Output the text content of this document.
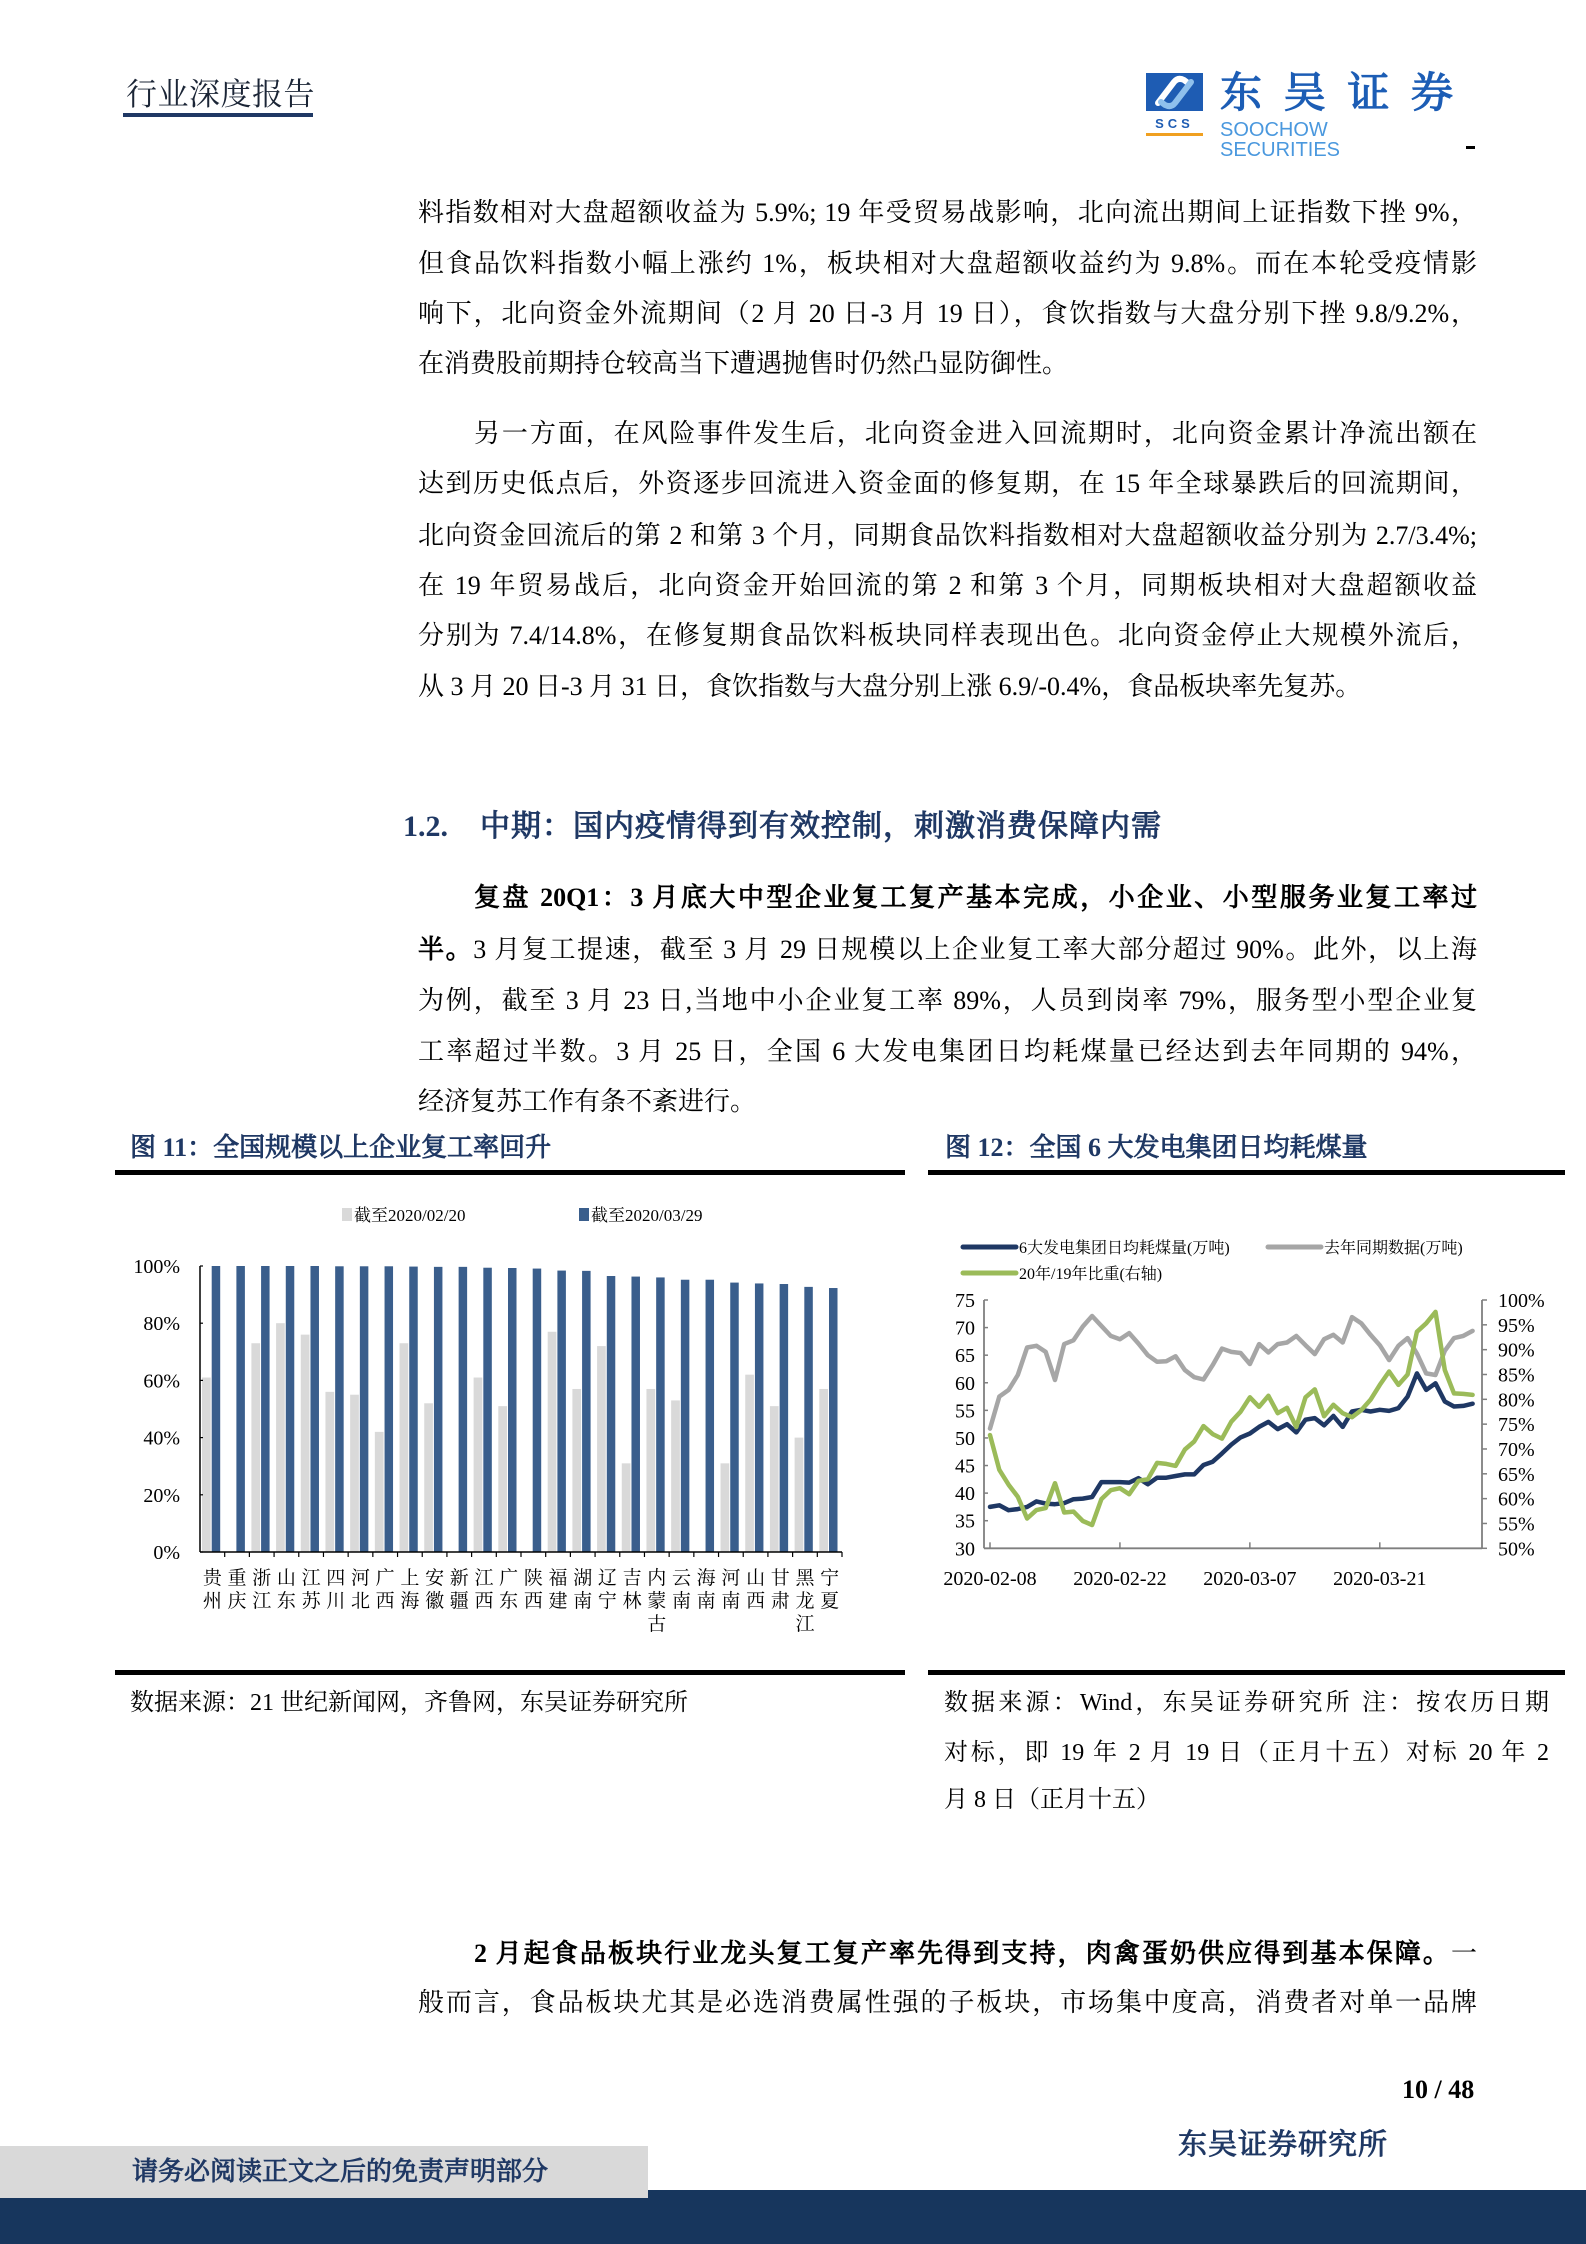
行业深度报告
SCS
东吴证券
SOOCHOW SECURITIES
料指数相对大盘超额收益为 5.9%; 19 年受贸易战影响，北向流出期间上证指数下挫 9%，
但食品饮料指数小幅上涨约 1%，板块相对大盘超额收益约为 9.8%。而在本轮受疫情影
响下，北向资金外流期间（2 月 20 日-3 月 19 日），食饮指数与大盘分别下挫 9.8/9.2%，
在消费股前期持仓较高当下遭遇抛售时仍然凸显防御性。
另一方面，在风险事件发生后，北向资金进入回流期时，北向资金累计净流出额在
达到历史低点后，外资逐步回流进入资金面的修复期，在 15 年全球暴跌后的回流期间，
北向资金回流后的第 2 和第 3 个月，同期食品饮料指数相对大盘超额收益分别为 2.7/3.4%;
在 19 年贸易战后，北向资金开始回流的第 2 和第 3 个月，同期板块相对大盘超额收益
分别为 7.4/14.8%，在修复期食品饮料板块同样表现出色。北向资金停止大规模外流后，
从 3 月 20 日-3 月 31 日，食饮指数与大盘分别上涨 6.9/-0.4%，食品板块率先复苏。
1.2. 中期：国内疫情得到有效控制，刺激消费保障内需
复盘 20Q1：3 月底大中型企业复工复产基本完成，小企业、小型服务业复工率过
半。3 月复工提速，截至 3 月 29 日规模以上企业复工率大部分超过 90%。此外，以上海
为例，截至 3 月 23 日,当地中小企业复工率 89%，人员到岗率 79%，服务型小型企业复
工率超过半数。3 月 25 日，全国 6 大发电集团日均耗煤量已经达到去年同期的 94%，
经济复苏工作有条不紊进行。
图 11：全国规模以上企业复工率回升
截至2020/02/20	截至2020/03/29
贵
州
重
庆
浙
江
山
东
江
苏
四
川
河
北
广
西
上
海
安
徽
新
疆
江
西
广
东
陕
西
福
建
湖
南
辽
宁
吉
林
内
蒙
古
云
南
海
南
河
南
山
西
甘
肃
黑
龙
江
宁
夏
0%
20%
40%
60%
80%
100%
数据来源：21 世纪新闻网，齐鲁网，东吴证券研究所
图 12：全国 6 大发电集团日均耗煤量
6大发电集团日均耗煤量(万吨)	去年同期数据(万吨)
20年/19年比重(右轴)
30
35
40
45
50
55
60
65
70
75
50%
55%
60%
65%
70%
75%
80%
85%
90%
95%
100%
2020-02-08 2020-02-22 2020-03-07 2020-03-21
数据来源：Wind，东吴证券研究所 注：按农历日期
对标，即 19 年 2 月 19 日（正月十五）对标 20 年 2
月 8 日（正月十五）
2 月起食品板块行业龙头复工复产率先得到支持，肉禽蛋奶供应得到基本保障。一
般而言，食品板块尤其是必选消费属性强的子板块，市场集中度高，消费者对单一品牌
10 / 48
东吴证券研究所
请务必阅读正文之后的免责声明部分
